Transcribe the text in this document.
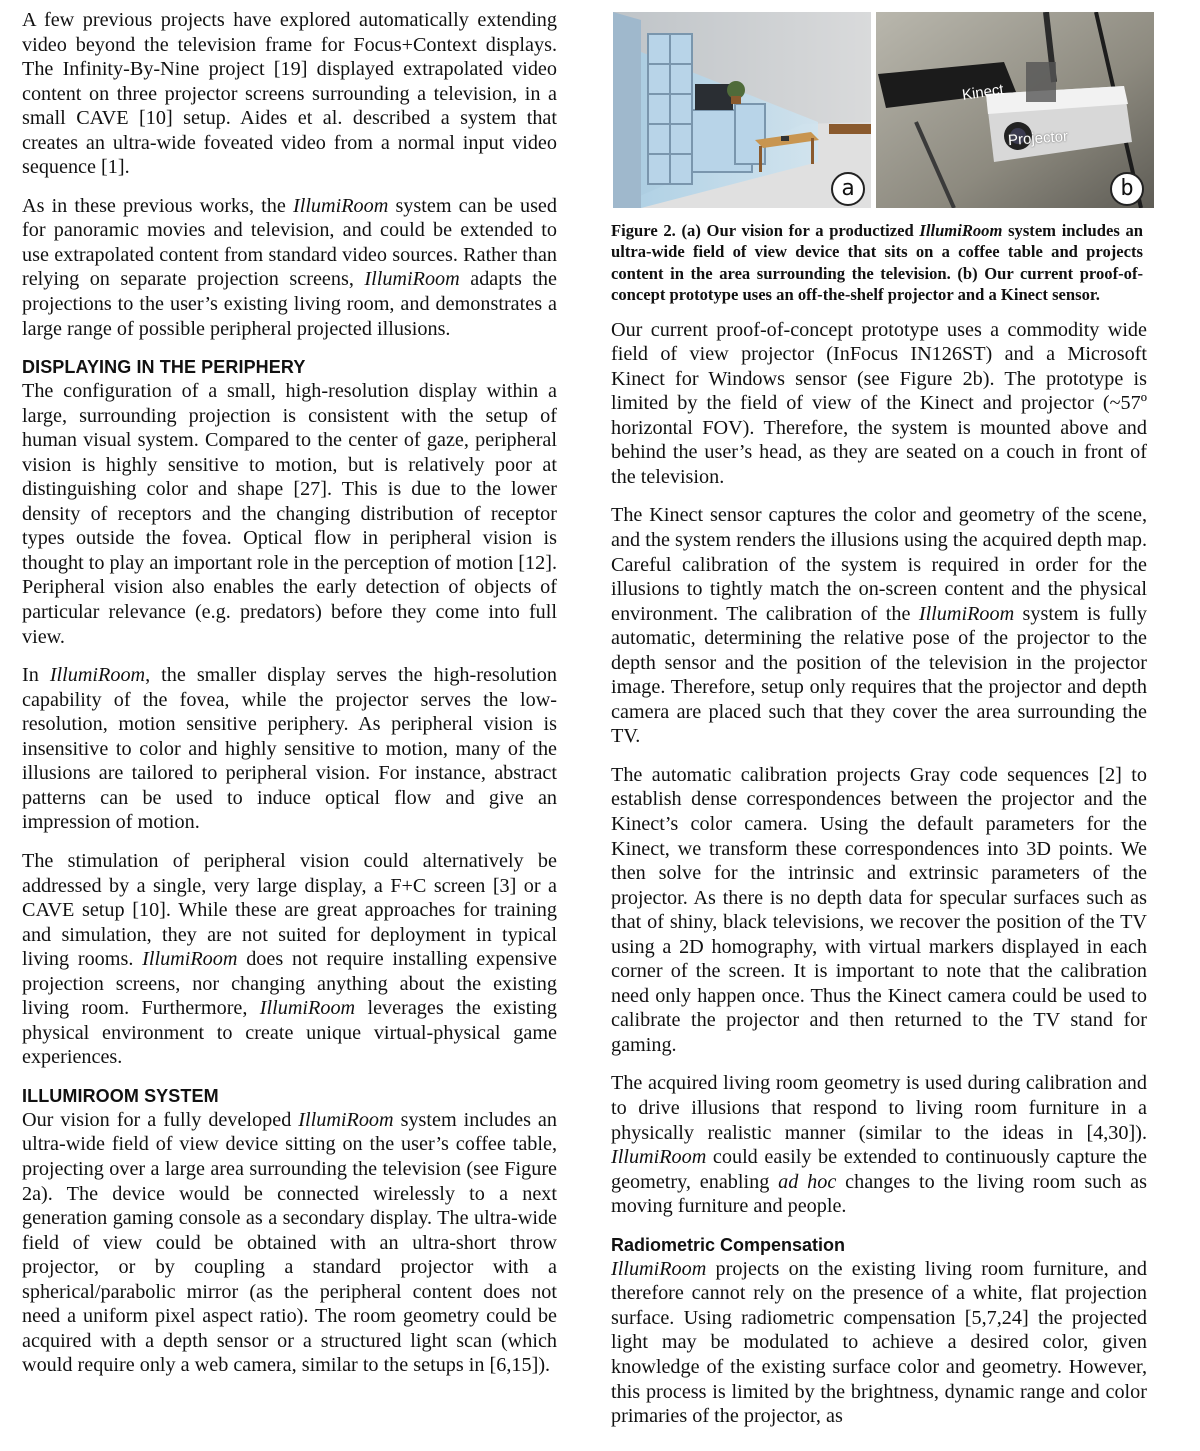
A few previous projects have explored automatically extending video beyond the television frame for Focus+Context displays. The Infinity-By-Nine project [19] displayed extrapolated video content on three projector screens surrounding a television, in a small CAVE [10] setup. Aides et al. described a system that creates an ultra-wide foveated video from a normal input video sequence [1].

As in these previous works, the IllumiRoom system can be used for panoramic movies and television, and could be extended to use extrapolated content from standard video sources. Rather than relying on separate projection screens, IllumiRoom adapts the projections to the user’s existing living room, and demonstrates a large range of possible peripheral projected illusions.

DISPLAYING IN THE PERIPHERY

The configuration of a small, high-resolution display within a large, surrounding projection is consistent with the setup of human visual system. Compared to the center of gaze, peripheral vision is highly sensitive to motion, but is relatively poor at distinguishing color and shape [27]. This is due to the lower density of receptors and the changing distribution of receptor types outside the fovea. Optical flow in peripheral vision is thought to play an important role in the perception of motion [12]. Peripheral vision also enables the early detection of objects of particular relevance (e.g. predators) before they come into full view.

In IllumiRoom, the smaller display serves the high-resolution capability of the fovea, while the projector serves the low-resolution, motion sensitive periphery. As peripheral vision is insensitive to color and highly sensitive to motion, many of the illusions are tailored to peripheral vision. For instance, abstract patterns can be used to induce optical flow and give an impression of motion.

The stimulation of peripheral vision could alternatively be addressed by a single, very large display, a F+C screen [3] or a CAVE setup [10]. While these are great approaches for training and simulation, they are not suited for deployment in typical living rooms. IllumiRoom does not require installing expensive projection screens, nor changing anything about the existing living room. Furthermore, IllumiRoom leverages the existing physical environment to create unique virtual-physical game experiences.

ILLUMIROOM SYSTEM

Our vision for a fully developed IllumiRoom system includes an ultra-wide field of view device sitting on the user’s coffee table, projecting over a large area surrounding the television (see Figure 2a). The device would be connected wirelessly to a next generation gaming console as a secondary display. The ultra-wide field of view could be obtained with an ultra-short throw projector, or by coupling a standard projector with a spherical/parabolic mirror (as the peripheral content does not need a uniform pixel aspect ratio). The room geometry could be acquired with a depth sensor or a structured light scan (which would require only a web camera, similar to the setups in [6,15]).

a
Kinect
Projector
b

Figure 2. (a) Our vision for a productized IllumiRoom system includes an ultra-wide field of view device that sits on a coffee table and projects content in the area surrounding the television. (b) Our current proof-of-concept prototype uses an off-the-shelf projector and a Kinect sensor.

Our current proof-of-concept prototype uses a commodity wide field of view projector (InFocus IN126ST) and a Microsoft Kinect for Windows sensor (see Figure 2b). The prototype is limited by the field of view of the Kinect and projector (~57º horizontal FOV). Therefore, the system is mounted above and behind the user’s head, as they are seated on a couch in front of the television.

The Kinect sensor captures the color and geometry of the scene, and the system renders the illusions using the acquired depth map. Careful calibration of the system is required in order for the illusions to tightly match the on-screen content and the physical environment. The calibration of the IllumiRoom system is fully automatic, determining the relative pose of the projector to the depth sensor and the position of the television in the projector image. Therefore, setup only requires that the projector and depth camera are placed such that they cover the area surrounding the TV.

The automatic calibration projects Gray code sequences [2] to establish dense correspondences between the projector and the Kinect’s color camera. Using the default parameters for the Kinect, we transform these correspondences into 3D points. We then solve for the intrinsic and extrinsic parameters of the projector. As there is no depth data for specular surfaces such as that of shiny, black televisions, we recover the position of the TV using a 2D homography, with virtual markers displayed in each corner of the screen. It is important to note that the calibration need only happen once. Thus the Kinect camera could be used to calibrate the projector and then returned to the TV stand for gaming.

The acquired living room geometry is used during calibration and to drive illusions that respond to living room furniture in a physically realistic manner (similar to the ideas in [4,30]). IllumiRoom could easily be extended to continuously capture the geometry, enabling ad hoc changes to the living room such as moving furniture and people.

Radiometric Compensation

IllumiRoom projects on the existing living room furniture, and therefore cannot rely on the presence of a white, flat projection surface. Using radiometric compensation [5,7,24] the projected light may be modulated to achieve a desired color, given knowledge of the existing surface color and geometry. However, this process is limited by the brightness, dynamic range and color primaries of the projector, as
